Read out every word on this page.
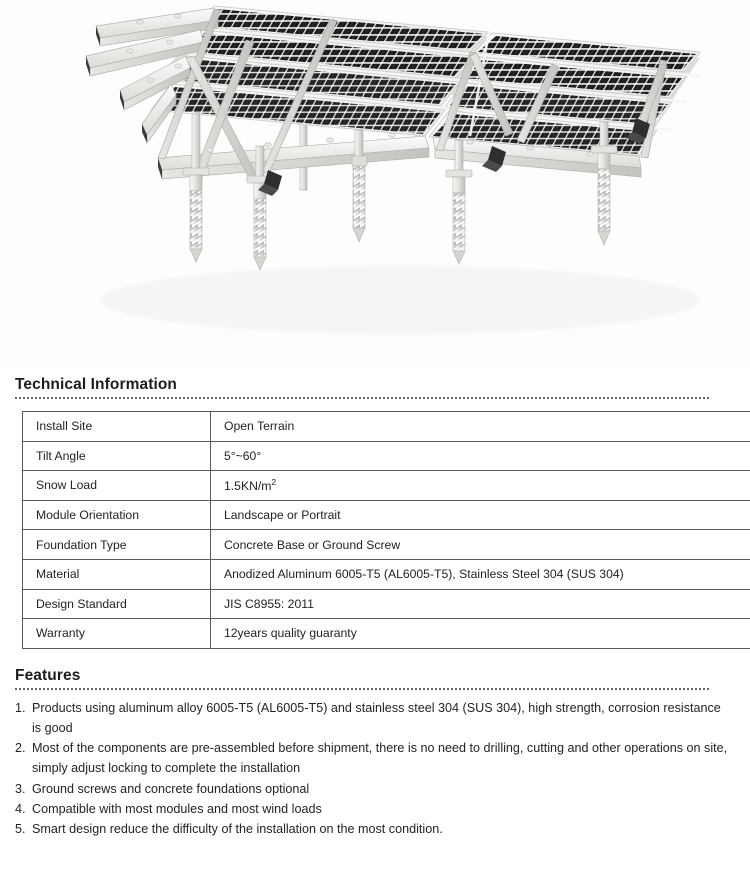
Technical Information
Install Site	Open Terrain
Tilt Angle	5°~60°
Snow Load	$1.5KN/m^2$
Module Orientation	Landscape or Portrait
Foundation Type	Concrete Base or Ground Screw
Material	Anodized Aluminum 6005-T5 (AL6005-T5), Stainless Steel 304 (SUS 304)
Design Standard	JIS C8955: 2011
Warranty	12years quality guaranty
Features
1. Products using aluminum alloy 6005-T5 (AL6005-T5) and stainless steel 304 (SUS 304), high strength, corrosion resistance is good
2. Most of the components are pre-assembled before shipment, there is no need to drilling, cutting and other operations on site, simply adjust locking to complete the installation
3. Ground screws and concrete foundations optional
4. Compatible with most modules and most wind loads
5. Smart design reduce the difficulty of the installation on the most condition.
